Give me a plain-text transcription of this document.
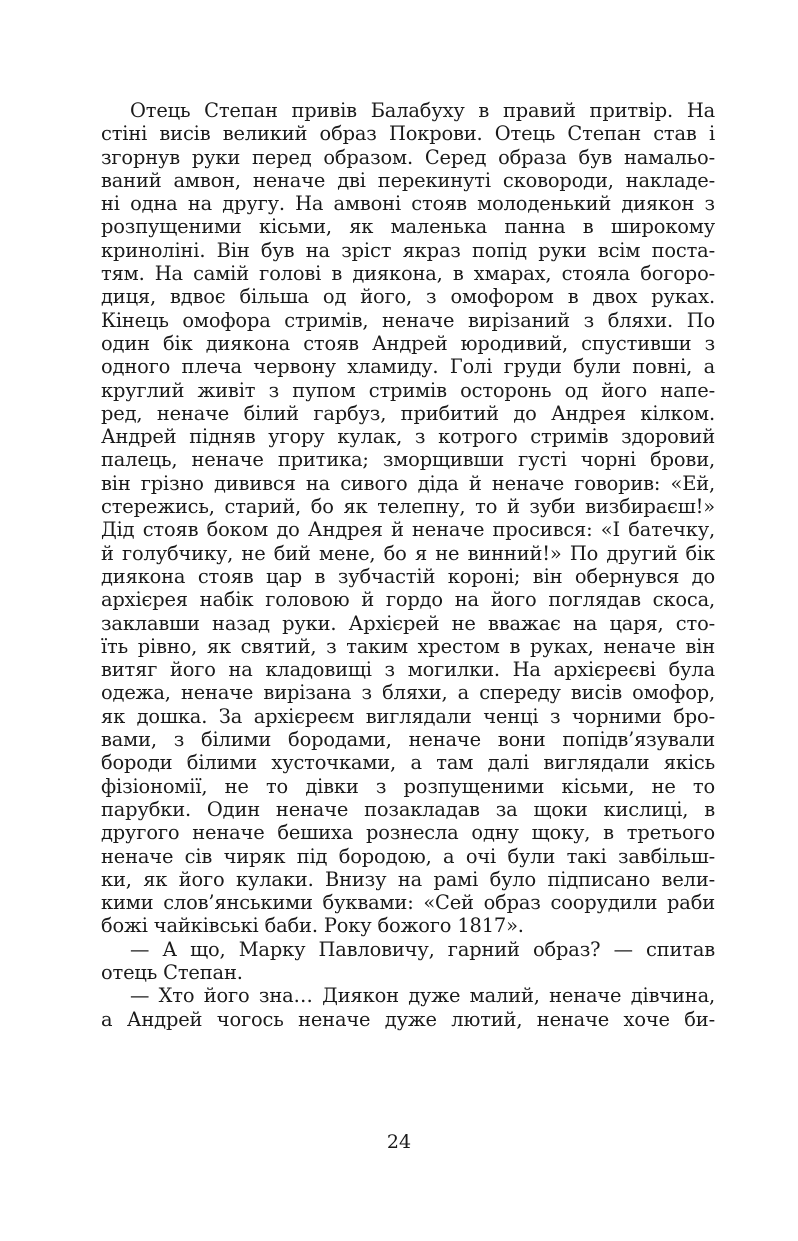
Отець Степан привів Балабуху в правий притвір. На
стіні висів великий образ Покрови. Отець Степан став і
згорнув руки перед образом. Серед образа був намальо-
ваний амвон, неначе дві перекинуті сковороди, накладе-
ні одна на другу. На амвоні стояв молоденький диякон з
розпущеними кісьми, як маленька панна в широкому
криноліні. Він був на зріст якраз попід руки всім поста-
тям. На самій голові в диякона, в хмарах, стояла богоро-
диця, вдвоє більша од його, з омофором в двох руках.
Кінець омофора стримів, неначе вирізаний з бляхи. По
один бік диякона стояв Андрей юродивий, спустивши з
одного плеча червону хламиду. Голі груди були повні, а
круглий живіт з пупом стримів осторонь од його напе-
ред, неначе білий гарбуз, прибитий до Андрея кілком.
Андрей підняв угору кулак, з котрого стримів здоровий
палець, неначе притика; зморщивши густі чорні брови,
він грізно дивився на сивого діда й неначе говорив: «Ей,
стережись, старий, бо як телепну, то й зуби визбираєш!»
Дід стояв боком до Андрея й неначе просився: «І батечку,
й голубчику, не бий мене, бо я не винний!» По другий бік
диякона стояв цар в зубчастій короні; він обернувся до
архієрея набік головою й гордо на його поглядав скоса,
заклавши назад руки. Архієрей не вважає на царя, сто-
їть рівно, як святий, з таким хрестом в руках, неначе він
витяг його на кладовищі з могилки. На архієреєві була
одежа, неначе вирізана з бляхи, а спереду висів омофор,
як дошка. За архієреєм виглядали ченці з чорними бро-
вами, з білими бородами, неначе вони попідв’язували
бороди білими хусточками, а там далі виглядали якісь
фізіономії, не то дівки з розпущеними кісьми, не то
парубки. Один неначе позакладав за щоки кислиці, в
другого неначе бешиха рознесла одну щоку, в третього
неначе сів чиряк під бородою, а очі були такі завбільш-
ки, як його кулаки. Внизу на рамі було підписано вели-
кими слов’янськими буквами: «Сей образ соорудили раби
божі чайківські баби. Року божого 1817».
— А що, Марку Павловичу, гарний образ? — спитав
отець Степан.
— Хто його зна… Диякон дуже малий, неначе дівчина,
а Андрей чогось неначе дуже лютий, неначе хоче би-
24
